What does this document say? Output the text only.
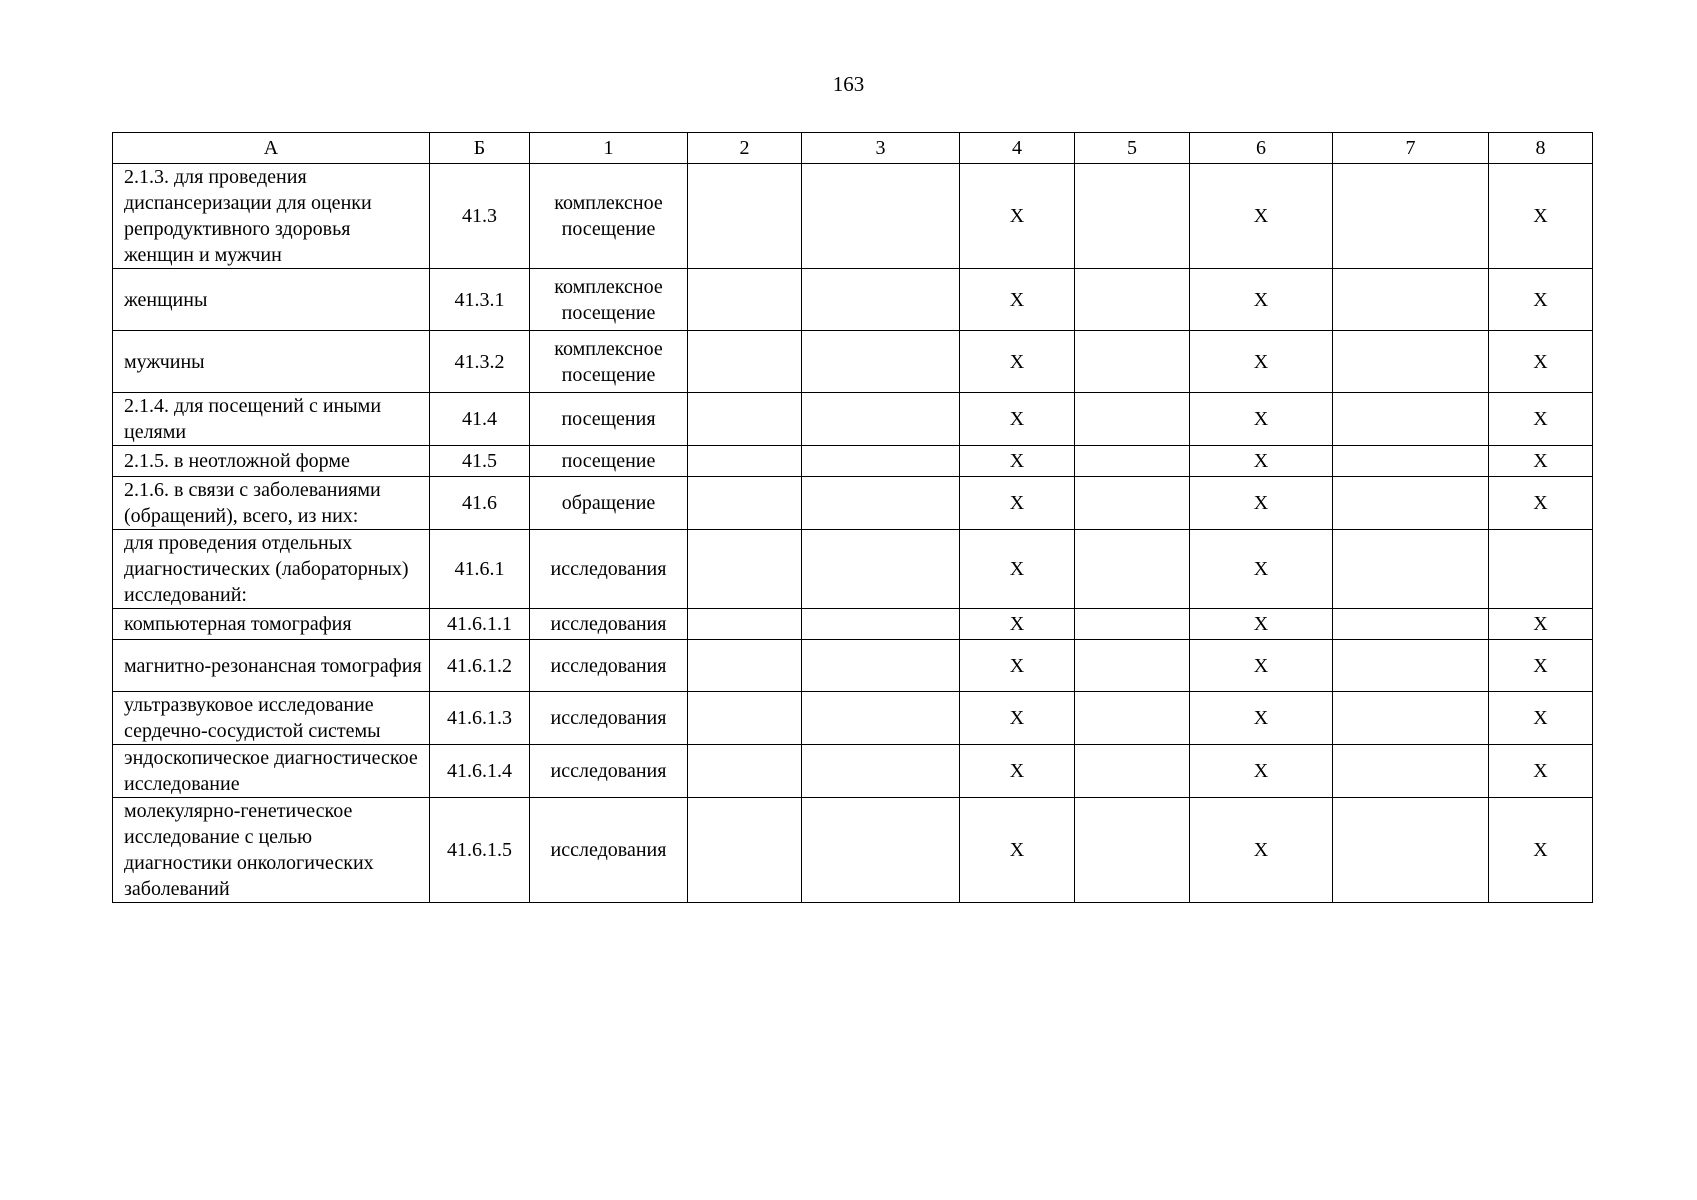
163
А	Б	1	2	3	4	5	6	7	8
2.1.3. для проведения диспансеризации для оценки репродуктивного здоровья женщин и мужчин	41.3	комплексное посещение			Х		Х		Х
женщины	41.3.1	комплексное посещение			Х		Х		Х
мужчины	41.3.2	комплексное посещение			Х		Х		Х
2.1.4. для посещений с иными целями	41.4	посещения			Х		Х		Х
2.1.5. в неотложной форме	41.5	посещение			Х		Х		Х
2.1.6. в связи с заболеваниями (обращений), всего, из них:	41.6	обращение			Х		Х		Х
для проведения отдельных диагностических (лабораторных) исследований:	41.6.1	исследования			Х		Х		
компьютерная томография	41.6.1.1	исследования			Х		Х		Х
магнитно-резонансная томография	41.6.1.2	исследования			Х		Х		Х
ультразвуковое исследование сердечно-сосудистой системы	41.6.1.3	исследования			Х		Х		Х
эндоскопическое диагностическое исследование	41.6.1.4	исследования			Х		Х		Х
молекулярно-генетическое исследование с целью диагностики онкологических заболеваний	41.6.1.5	исследования			Х		Х		Х
